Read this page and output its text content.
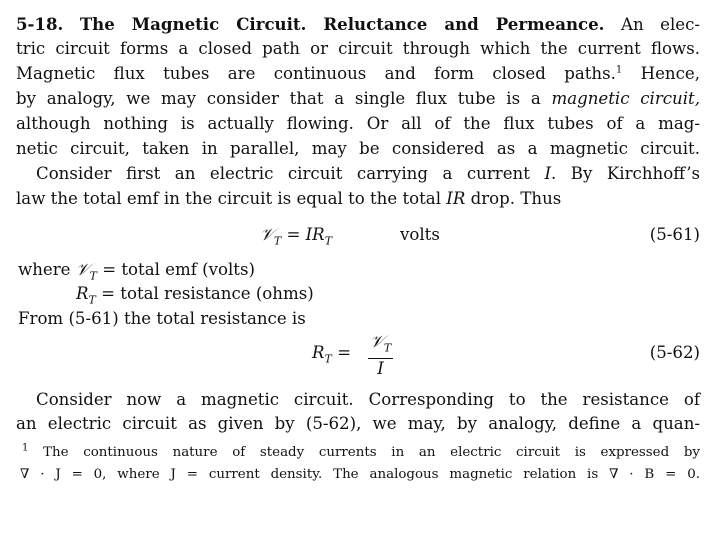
5-18. The Magnetic Circuit. Reluctance and Permeance. An elec-
tric circuit forms a closed path or circuit through which the current flows.
Magnetic flux tubes are continuous and form closed paths.$^1$ Hence,
by analogy, we may consider that a single flux tube is a magnetic circuit,
although nothing is actually flowing. Or all of the flux tubes of a mag-
netic circuit, taken in parallel, may be considered as a magnetic circuit.
Consider first an electric circuit carrying a current I. By Kirchhoff’s
law the total emf in the circuit is equal to the total IR drop. Thus
𝒱$_T$ = $IR_T$	volts	(5-61)
where 𝒱$_T$ = total emf (volts)
$R_T$ = total resistance (ohms)
From (5-61) the total resistance is
$R_T$ =
𝒱$_T$
I
(5-62)
Consider now a magnetic circuit. Corresponding to the resistance of
an electric circuit as given by (5-62), we may, by analogy, define a quan-
$^1$ The continuous nature of steady currents in an electric circuit is expressed by
∇ · J = 0, where J = current density. The analogous magnetic relation is ∇ · B = 0.
